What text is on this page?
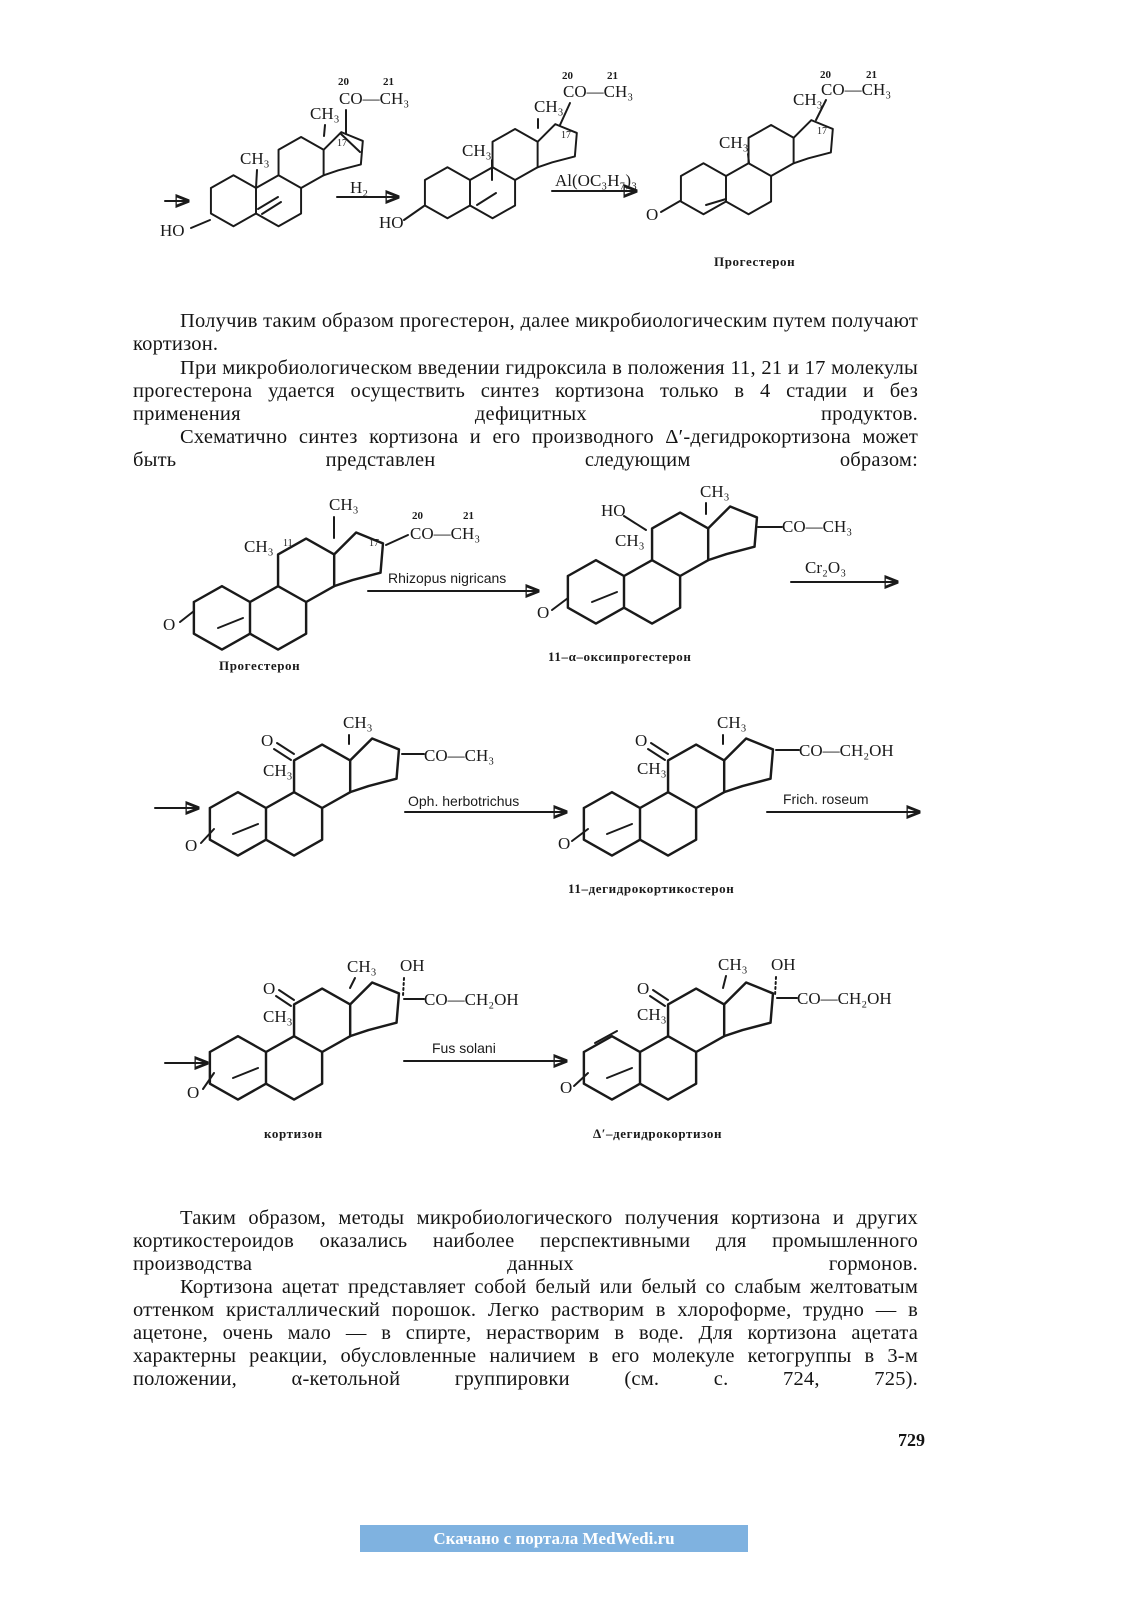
HO
CH₃
CH₃
20	21
CO—CH₃
17
H₂
HO
CH₃
CH₃
20	21
CO—CH₃
17
Al(OC₃H₇)₃
O
CH₃
CH₃
20	21
CO—CH₃
17
Прогестерон
O
CH₃ 11
CH₃
20	21
CO—CH₃
17
Rhizopus nigricans
Прогестерон
O
HO
CH₃
CH₃
CO—CH₃
Cr₂O₃
11–α–оксипрогестерон
O
O
CH₃
CH₃
CO—CH₃
Oph. herbotrichus
O
O
CH₃
CH₃
CO—CH₂OH
Frich. roseum
11–дегидрокортикостерон
O
O
CH₃
CH₃ OH
CO—CH₂OH
Fus solani
кортизон
O
O
CH₃
CH₃ OH
CO—CH₂OH
Δ′–дегидрокортизон

Получив таким образом прогестерон, далее микробиологическим путем получают кортизон.

При микробиологическом введении гидроксила в положения 11, 21 и 17 молекулы прогестерона удается осуществить синтез кортизона только в 4 стадии и без применения дефицитных продуктов.

Схематично синтез кортизона и его производного Δ′-дегидрокортизона может быть представлен следующим образом:

Таким образом, методы микробиологического получения кортизона и других кортикостероидов оказались наиболее перспективными для промышленного производства данных гормонов.

Кортизона ацетат представляет собой белый или белый со слабым желтоватым оттенком кристаллический порошок. Легко растворим в хлороформе, трудно — в ацетоне, очень мало — в спирте, нерастворим в воде. Для кортизона ацетата характерны реакции, обусловленные наличием в его молекуле кетогруппы в 3-м положении, α-кетольной группировки (см. с. 724, 725).

729
Скачано с портала MedWedi.ru
